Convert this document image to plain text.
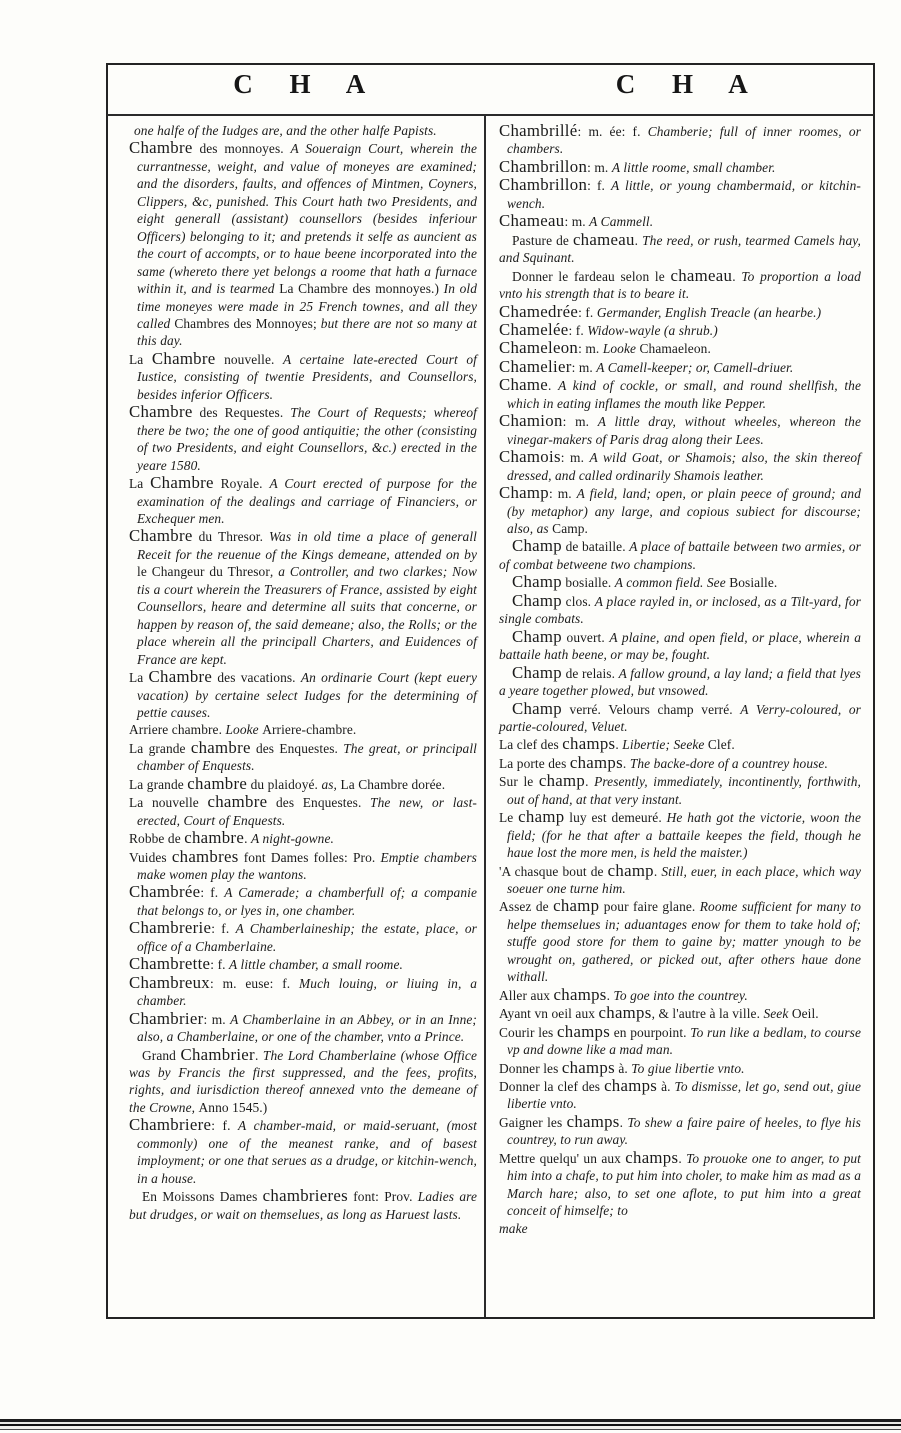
C H A	C H A

one halfe of the Iudges are, and the other halfe Papists.

Chambre des monnoyes. A Soueraign Court, wherein the currantnesse, weight, and value of moneyes are examined; and the disorders, faults, and offences of Mintmen, Coyners, Clippers, &c, punished. This Court hath two Presidents, and eight generall (assistant) counsellors (besides inferiour Officers) belonging to it; and pretends it selfe as auncient as the court of accompts, or to haue beene incorporated into the same (whereto there yet belongs a roome that hath a furnace within it, and is tearmed La Chambre des monnoyes.) In old time moneyes were made in 25 French townes, and all they called Chambres des Monnoyes; but there are not so many at this day.

La Chambre nouvelle. A certaine late-erected Court of Iustice, consisting of twentie Presidents, and Counsellors, besides inferior Officers.

Chambre des Requestes. The Court of Requests; whereof there be two; the one of good antiquitie; the other (consisting of two Presidents, and eight Counsellors, &c.) erected in the yeare 1580.

La Chambre Royale. A Court erected of purpose for the examination of the dealings and carriage of Financiers, or Exchequer men.

Chambre du Thresor. Was in old time a place of generall Receit for the reuenue of the Kings demeane, attended on by le Changeur du Thresor, a Controller, and two clarkes; Now tis a court wherein the Treasurers of France, assisted by eight Counsellors, heare and determine all suits that concerne, or happen by reason of, the said demeane; also, the Rolls; or the place wherein all the principall Charters, and Euidences of France are kept.

La Chambre des vacations. An ordinarie Court (kept euery vacation) by certaine select Iudges for the determining of pettie causes.

Arriere chambre. Looke Arriere-chambre.

La grande chambre des Enquestes. The great, or principall chamber of Enquests.

La grande chambre du plaidoyé. as, La Chambre dorée.

La nouvelle chambre des Enquestes. The new, or last-erected, Court of Enquests.

Robbe de chambre. A night-gowne.

Vuides chambres font Dames folles: Pro. Emptie chambers make women play the wantons.

Chambrée: f. A Camerade; a chamberfull of; a companie that belongs to, or lyes in, one chamber.

Chambrerie: f. A Chamberlaineship; the estate, place, or office of a Chamberlaine.

Chambrette: f. A little chamber, a small roome.

Chambreux: m. euse: f. Much louing, or liuing in, a chamber.

Chambrier: m. A Chamberlaine in an Abbey, or in an Inne; also, a Chamberlaine, or one of the chamber, vnto a Prince.

Grand Chambrier. The Lord Chamberlaine (whose Office was by Francis the first suppressed, and the fees, profits, rights, and iurisdiction thereof annexed vnto the demeane of the Crowne, Anno 1545.)

Chambriere: f. A chamber-maid, or maid-seruant, (most commonly) one of the meanest ranke, and of basest imployment; or one that serues as a drudge, or kitchin-wench, in a house.

En Moissons Dames chambrieres font: Prov. Ladies are but drudges, or wait on themselues, as long as Haruest lasts.

Chambrillé: m. ée: f. Chamberie; full of inner roomes, or chambers.

Chambrillon: m. A little roome, small chamber.

Chambrillon: f. A little, or young chambermaid, or kitchin-wench.

Chameau: m. A Cammell.

Pasture de chameau. The reed, or rush, tearmed Camels hay, and Squinant.

Donner le fardeau selon le chameau. To proportion a load vnto his strength that is to beare it.

Chamedrée: f. Germander, English Treacle (an hearbe.)

Chamelée: f. Widow-wayle (a shrub.)

Chameleon: m. Looke Chamaeleon.

Chamelier: m. A Camell-keeper; or, Camell-driuer.

Chame. A kind of cockle, or small, and round shellfish, the which in eating inflames the mouth like Pepper.

Chamion: m. A little dray, without wheeles, whereon the vinegar-makers of Paris drag along their Lees.

Chamois: m. A wild Goat, or Shamois; also, the skin thereof dressed, and called ordinarily Shamois leather.

Champ: m. A field, land; open, or plain peece of ground; and (by metaphor) any large, and copious subiect for discourse; also, as Camp.

Champ de bataille. A place of battaile between two armies, or of combat betweene two champions.

Champ bosialle. A common field. See Bosialle.

Champ clos. A place rayled in, or inclosed, as a Tilt-yard, for single combats.

Champ ouvert. A plaine, and open field, or place, wherein a battaile hath beene, or may be, fought.

Champ de relais. A fallow ground, a lay land; a field that lyes a yeare together plowed, but vnsowed.

Champ verré. Velours champ verré. A Verry-coloured, or partie-coloured, Veluet.

La clef des champs. Libertie; Seeke Clef.

La porte des champs. The backe-dore of a countrey house.

Sur le champ. Presently, immediately, incontinently, forthwith, out of hand, at that very instant.

Le champ luy est demeuré. He hath got the victorie, woon the field; (for he that after a battaile keepes the field, though he haue lost the more men, is held the maister.)

'A chasque bout de champ. Still, euer, in each place, which way soeuer one turne him.

Assez de champ pour faire glane. Roome sufficient for many to helpe themselues in; aduantages enow for them to take hold of; stuffe good store for them to gaine by; matter ynough to be wrought on, gathered, or picked out, after others haue done withall.

Aller aux champs. To goe into the countrey.

Ayant vn oeil aux champs, & l'autre à la ville. Seek Oeil.

Courir les champs en pourpoint. To run like a bedlam, to course vp and downe like a mad man.

Donner les champs à. To giue libertie vnto.

Donner la clef des champs à. To dismisse, let go, send out, giue libertie vnto.

Gaigner les champs. To shew a faire paire of heeles, to flye his countrey, to run away.

Mettre quelqu' un aux champs. To prouoke one to anger, to put him into a chafe, to put him into choler, to make him as mad as a March hare; also, to set one aflote, to put him into a great conceit of himselfe; to

make
